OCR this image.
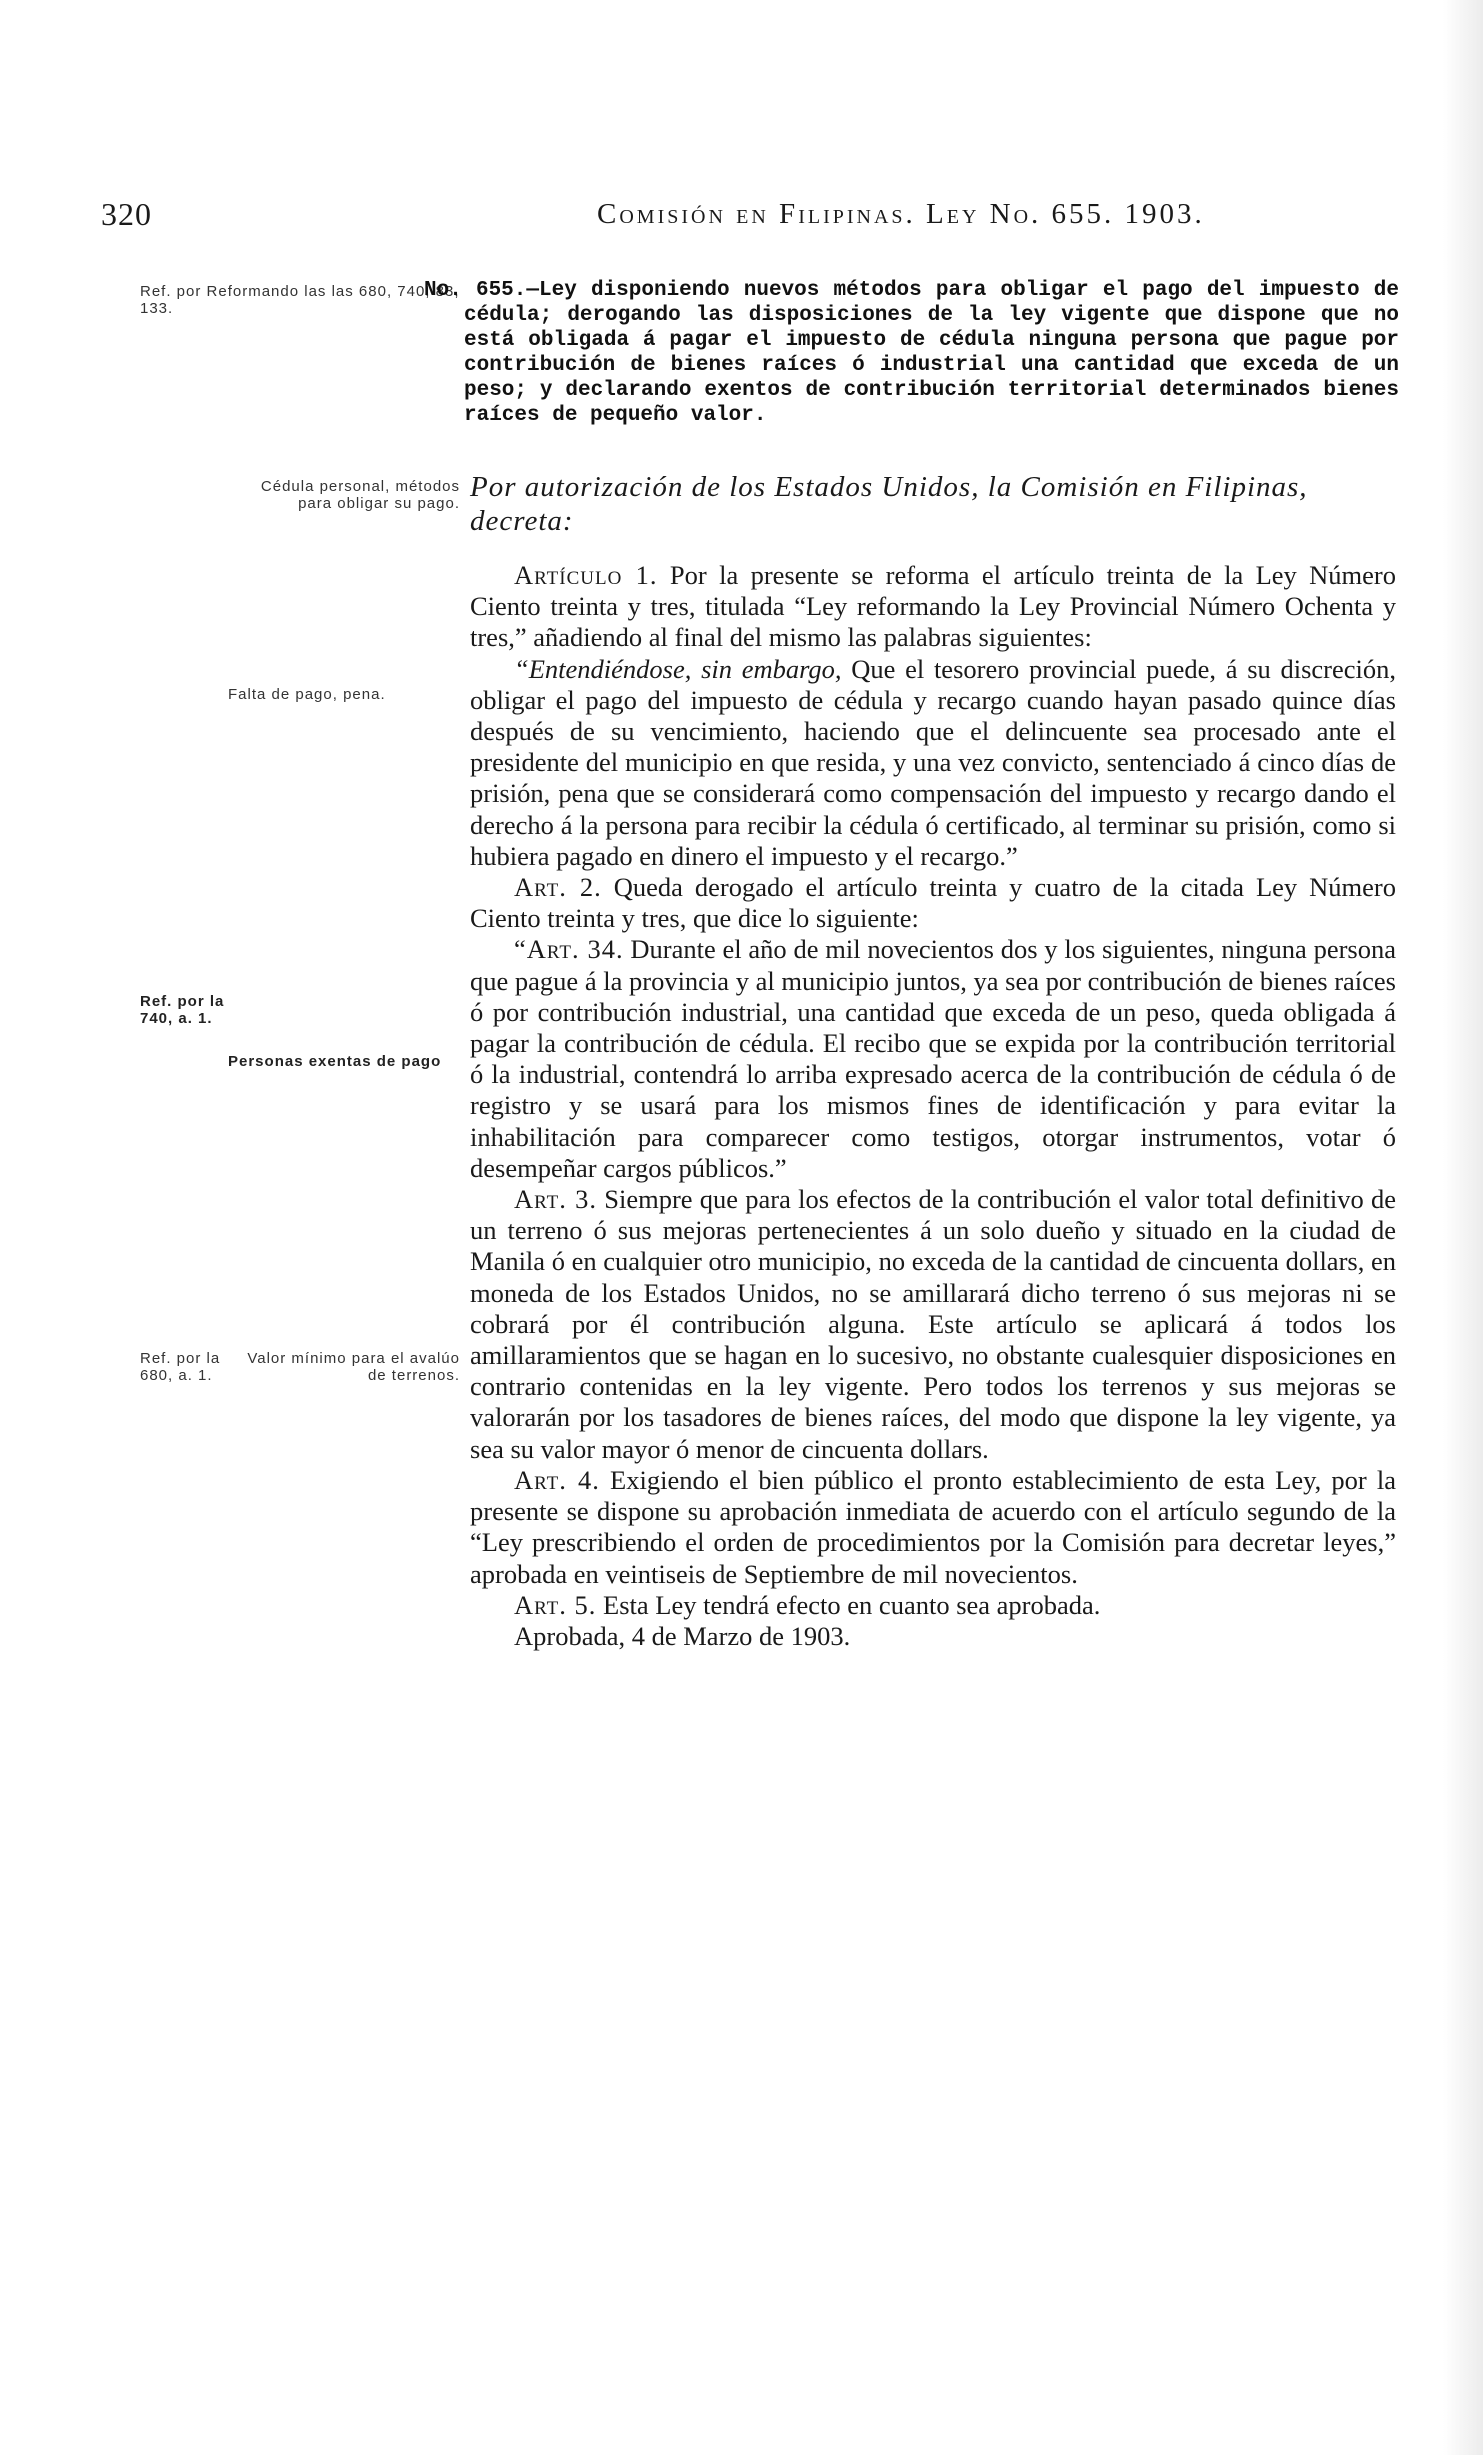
320	Comisión en Filipinas. Ley No. 655. 1903.
Ref. por Reformando las las 680, 740, 83, 133.
Cédula personal, métodos para obligar su pago.
Falta de pago, pena.
Ref. por la 740, a. 1.
Personas exentas de pago
Ref. por la 680, a. 1.
Valor mínimo para el avalúo de terrenos.
No. 655.—Ley disponiendo nuevos métodos para obligar el pago del impuesto de cédula; derogando las disposiciones de la ley vigente que dispone que no está obligada á pagar el impuesto de cédula ninguna persona que pague por contribución de bienes raíces ó industrial una cantidad que exceda de un peso; y declarando exentos de contribución territorial determinados bienes raíces de pequeño valor.
Por autorización de los Estados Unidos, la Comisión en Filipinas, decreta:

Artículo 1. Por la presente se reforma el artículo treinta de la Ley Número Ciento treinta y tres, titulada “Ley reformando la Ley Provincial Número Ochenta y tres,” añadiendo al final del mismo las palabras siguientes:

“Entendiéndose, sin embargo, Que el tesorero provincial puede, á su discreción, obligar el pago del impuesto de cédula y recargo cuando hayan pasado quince días después de su vencimiento, haciendo que el delincuente sea procesado ante el presidente del municipio en que resida, y una vez convicto, sentenciado á cinco días de prisión, pena que se considerará como compensación del impuesto y recargo dando el derecho á la persona para recibir la cédula ó certificado, al terminar su prisión, como si hubiera pagado en dinero el impuesto y el recargo.”

Art. 2. Queda derogado el artículo treinta y cuatro de la citada Ley Número Ciento treinta y tres, que dice lo siguiente:

“Art. 34. Durante el año de mil novecientos dos y los siguientes, ninguna persona que pague á la provincia y al municipio juntos, ya sea por contribución de bienes raíces ó por contribución industrial, una cantidad que exceda de un peso, queda obligada á pagar la contribución de cédula. El recibo que se expida por la contribución territorial ó la industrial, contendrá lo arriba expresado acerca de la contribución de cédula ó de registro y se usará para los mismos fines de identificación y para evitar la inhabilitación para comparecer como testigos, otorgar instrumentos, votar ó desempeñar cargos públicos.”

Art. 3. Siempre que para los efectos de la contribución el valor total definitivo de un terreno ó sus mejoras pertenecientes á un solo dueño y situado en la ciudad de Manila ó en cualquier otro municipio, no exceda de la cantidad de cincuenta dollars, en moneda de los Estados Unidos, no se amillarará dicho terreno ó sus mejoras ni se cobrará por él contribución alguna. Este artículo se aplicará á todos los amillaramientos que se hagan en lo sucesivo, no obstante cualesquier disposiciones en contrario contenidas en la ley vigente. Pero todos los terrenos y sus mejoras se valorarán por los tasadores de bienes raíces, del modo que dispone la ley vigente, ya sea su valor mayor ó menor de cincuenta dollars.

Art. 4. Exigiendo el bien público el pronto establecimiento de esta Ley, por la presente se dispone su aprobación inmediata de acuerdo con el artículo segundo de la “Ley prescribiendo el orden de procedimientos por la Comisión para decretar leyes,” aprobada en veintiseis de Septiembre de mil novecientos.

Art. 5. Esta Ley tendrá efecto en cuanto sea aprobada.

Aprobada, 4 de Marzo de 1903.
